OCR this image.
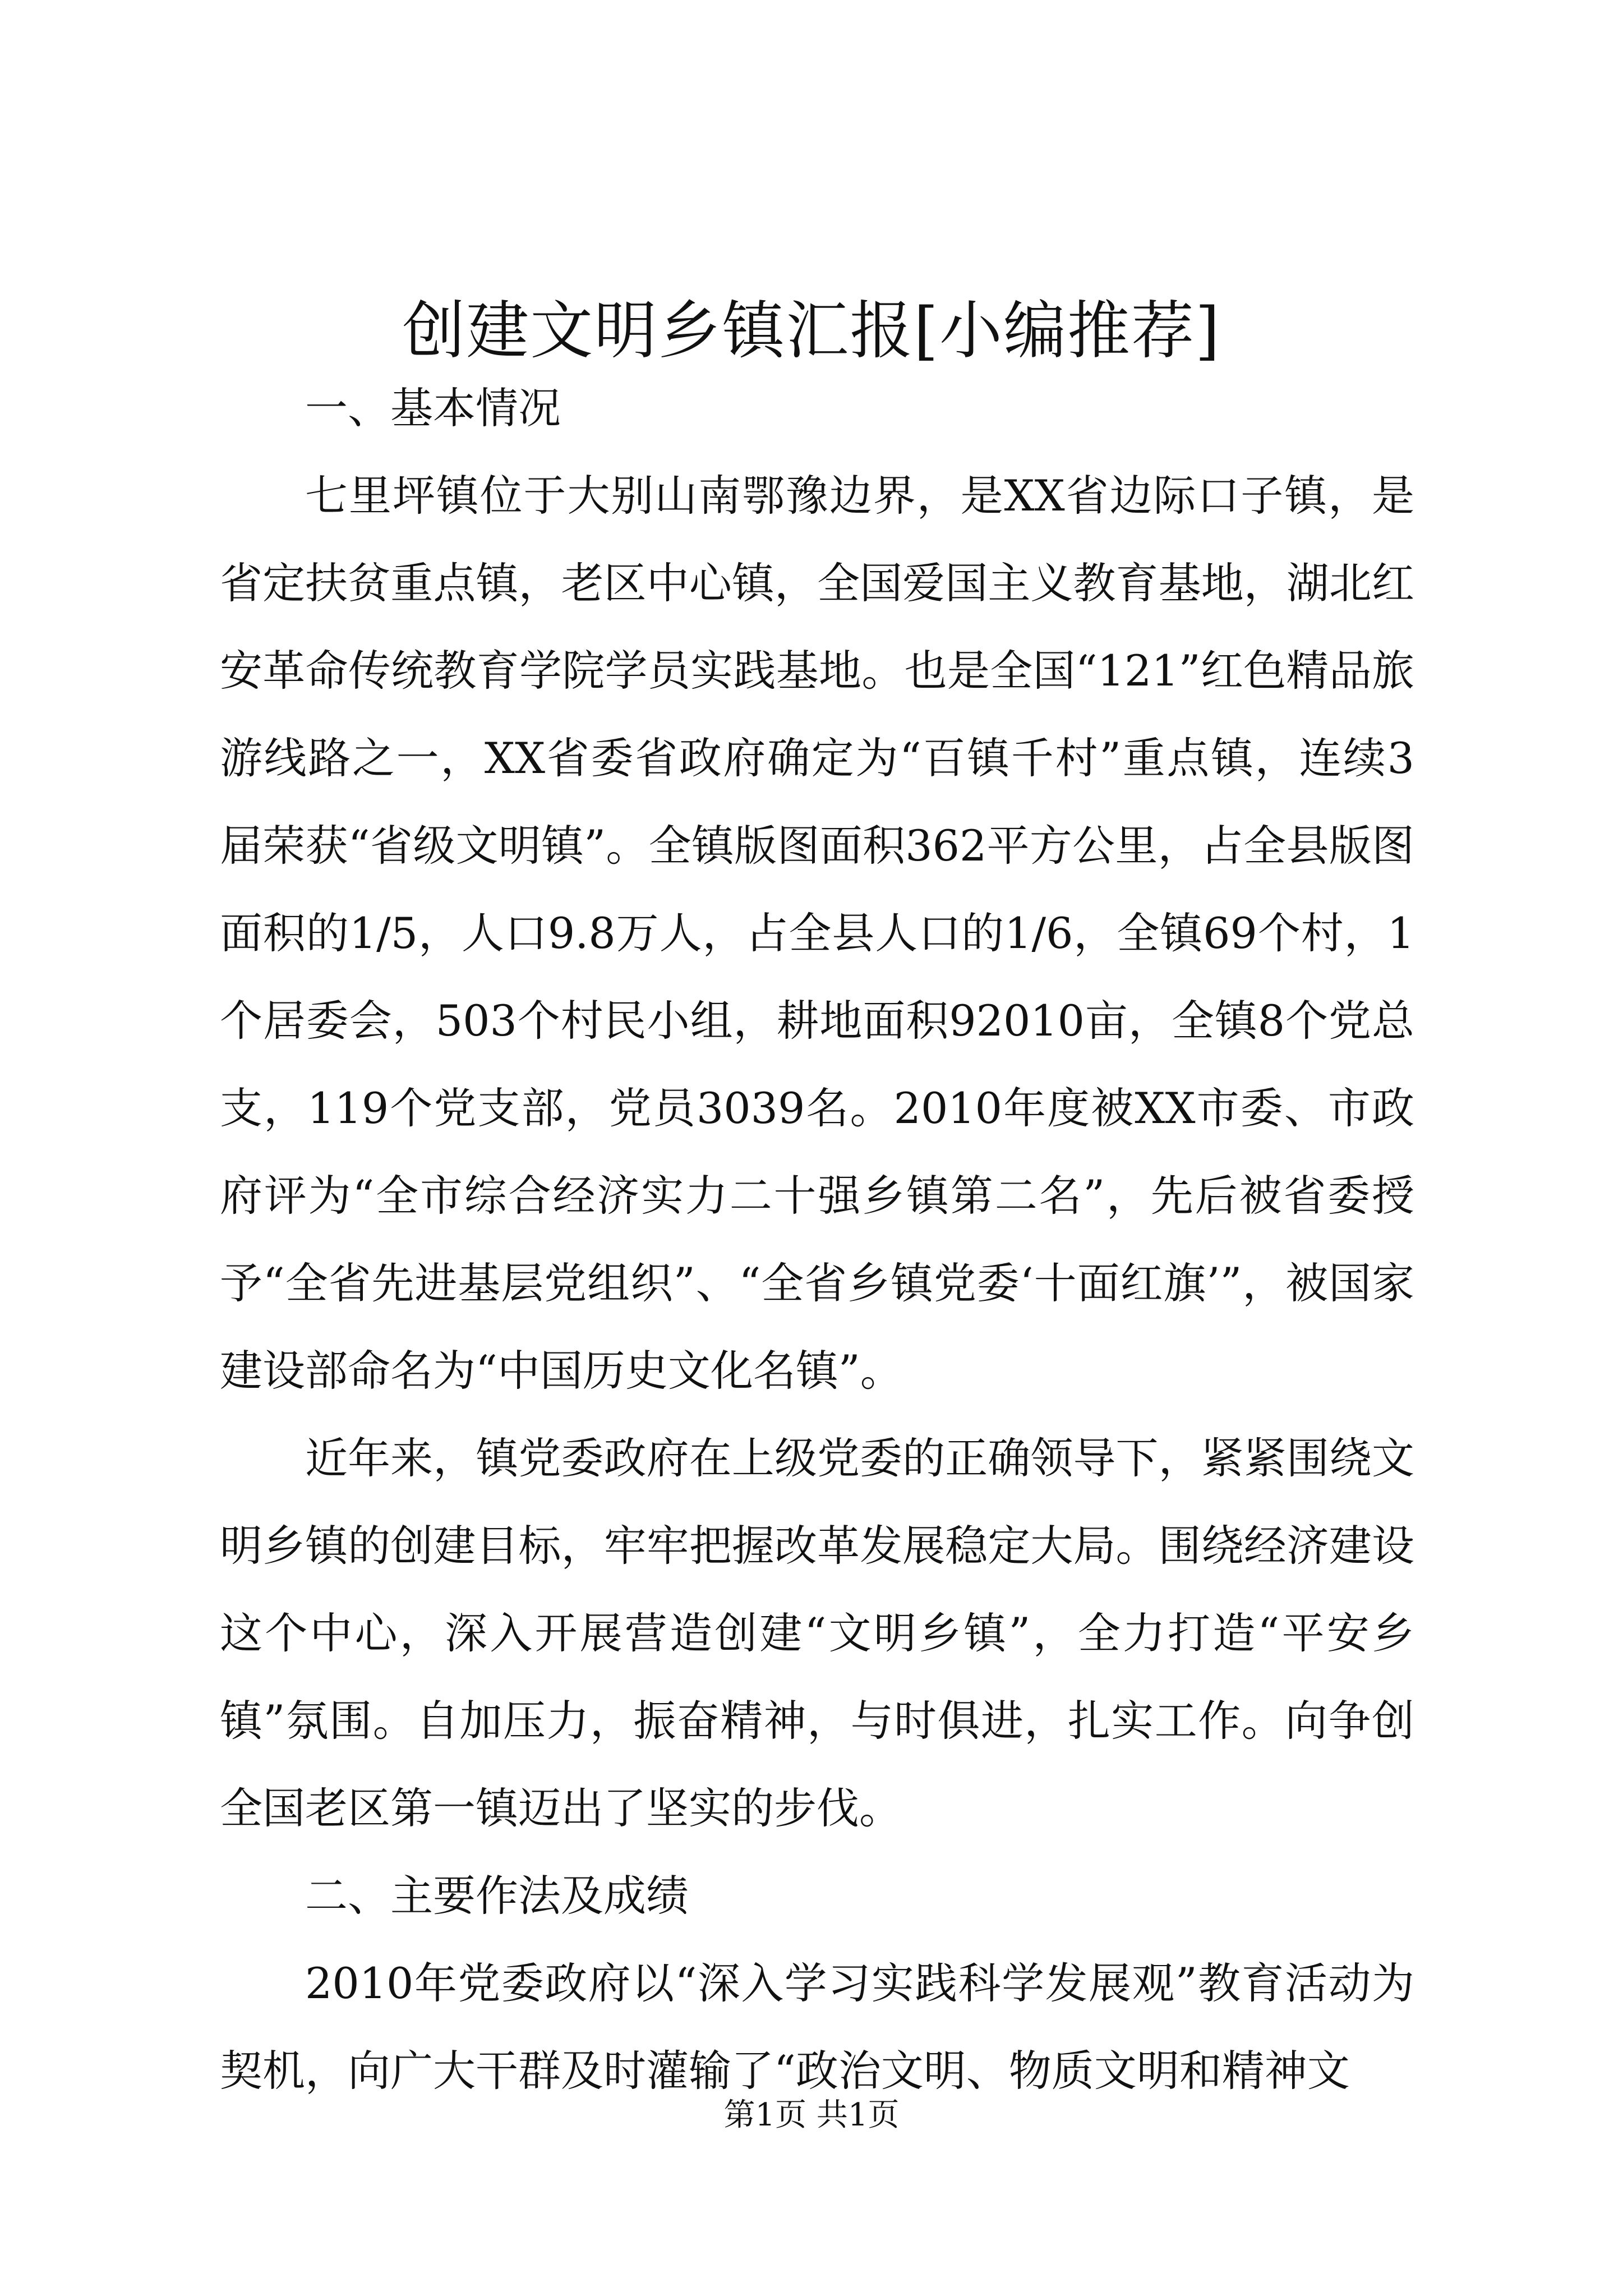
创建文明乡镇汇报[小编推荐]

一、基本情况

七里坪镇位于大别山南鄂豫边界，是XX省边际口子镇，是省定扶贫重点镇，老区中心镇，全国爱国主义教育基地，湖北红安革命传统教育学院学员实践基地。也是全国“121”红色精品旅游线路之一，XX省委省政府确定为“百镇千村”重点镇，连续3届荣获“省级文明镇”。全镇版图面积362平方公里，占全县版图面积的1/5，人口9.8万人，占全县人口的1/6，全镇69个村，1个居委会，503个村民小组，耕地面积92010亩，全镇8个党总支，119个党支部，党员3039名。2010年度被XX市委、市政府评为“全市综合经济实力二十强乡镇第二名”，先后被省委授予“全省先进基层党组织”、“全省乡镇党委‘十面红旗’”，被国家建设部命名为“中国历史文化名镇”。

近年来，镇党委政府在上级党委的正确领导下，紧紧围绕文明乡镇的创建目标，牢牢把握改革发展稳定大局。围绕经济建设这个中心，深入开展营造创建“文明乡镇”，全力打造“平安乡镇”氛围。自加压力，振奋精神，与时俱进，扎实工作。向争创全国老区第一镇迈出了坚实的步伐。

二、主要作法及成绩

2010年党委政府以“深入学习实践科学发展观”教育活动为契机，向广大干群及时灌输了“政治文明、物质文明和精神文

第1页 共1页
